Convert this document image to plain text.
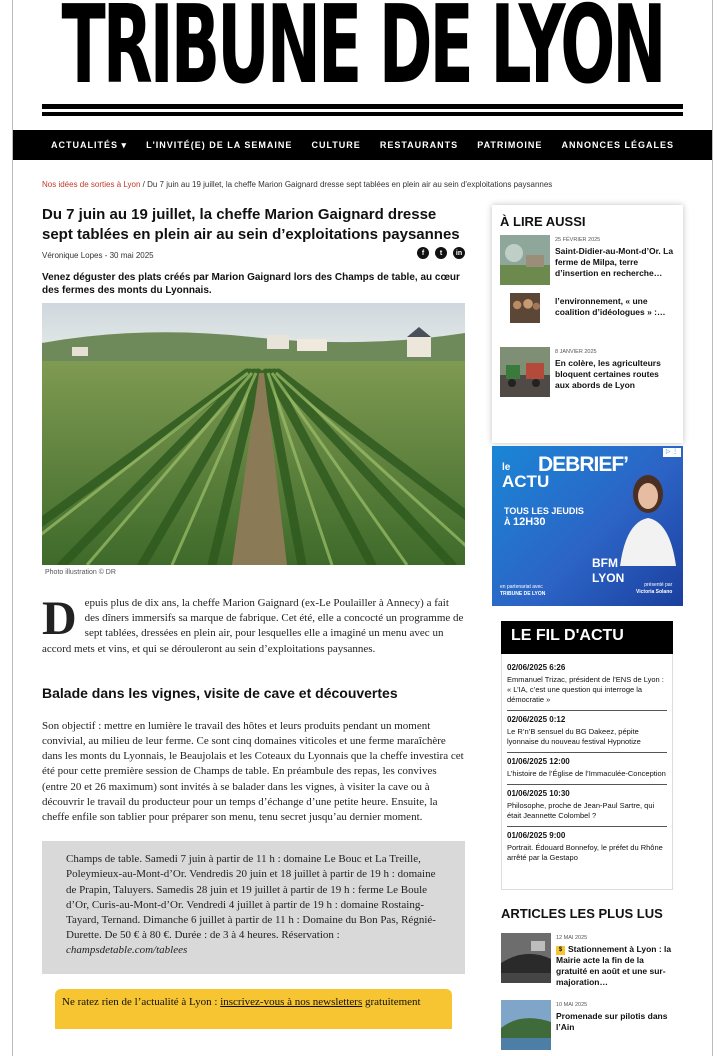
TRIBUNE DE LYON
ACTUALITÉS ▾ L'INVITÉ(E) DE LA SEMAINE CULTURE RESTAURANTS PATRIMOINE ANNONCES LÉGALES
Nos idées de sorties à Lyon / Du 7 juin au 19 juillet, la cheffe Marion Gaignard dresse sept tablées en plein air au sein d'exploitations paysannes
Du 7 juin au 19 juillet, la cheffe Marion Gaignard dresse sept tablées en plein air au sein d’exploitations paysannes
Véronique Lopes - 30 mai 2025	f	t	in

Venez déguster des plats créés par Marion Gaignard lors des Champs de table, au cœur des fermes des monts du Lyonnais.

Photo illustration © DR

Depuis plus de dix ans, la cheffe Marion Gaignard (ex-Le Poulailler à Annecy) a fait des dîners immersifs sa marque de fabrique. Cet été, elle a concocté un programme de sept tablées, dressées en plein air, pour lesquelles elle a imaginé un menu avec un accord mets et vins, et qui se dérouleront au sein d’exploitations paysannes.

Balade dans les vignes, visite de cave et découvertes

Son objectif : mettre en lumière le travail des hôtes et leurs produits pendant un moment convivial, au milieu de leur ferme. Ce sont cinq domaines viticoles et une ferme maraîchère dans les monts du Lyonnais, le Beaujolais et les Coteaux du Lyonnais que la cheffe investira cet été pour cette première session de Champs de table. En préambule des repas, les convives (entre 20 et 26 maximum) sont invités à se balader dans les vignes, à visiter la cave ou à découvrir le travail du producteur pour un temps d’échange d’une petite heure. Ensuite, la cheffe enfile son tablier pour préparer son menu, tenu secret jusqu’au dernier moment.

Champs de table. Samedi 7 juin à partir de 11 h : domaine Le Bouc et La Treille, Poleymieux-au-Mont-d’Or. Vendredis 20 juin et 18 juillet à partir de 19 h : domaine de Prapin, Taluyers. Samedis 28 juin et 19 juillet à partir de 19 h : ferme Le Boule d’Or, Curis-au-Mont-d’Or. Vendredi 4 juillet à partir de 19 h : domaine Rostaing-Tayard, Ternand. Dimanche 6 juillet à partir de 11 h : Domaine du Bon Pas, Régnié-Durette. De 50 € à 80 €. Durée : de 3 à 4 heures. Réservation : champsdetable.com/tablees
Ne ratez rien de l’actualité à Lyon : inscrivez-vous à nos newsletters gratuitement
À LIRE AUSSI
25 FÉVRIER 2025
Saint-Didier-au-Mont-d’Or. La ferme de Milpa, terre d’insertion en recherche…
l’environnement, « une coalition d’idéologues » :…
8 JANVIER 2025
En colère, les agriculteurs bloquent certaines routes aux abords de Lyon
▷ ⋮
le DEBRIEF’
ACTU
TOUS LES JEUDIS
À 12H30
BFM
LYON
en partenariat avec
TRIBUNE DE LYON
présenté par
Victoria Solano
LE FIL D'ACTU
02/06/2025 6:26
Emmanuel Trizac, président de l’ENS de Lyon : « L’IA, c’est une question qui interroge la démocratie »
02/06/2025 0:12
Le R’n’B sensuel du BG Dakeez, pépite lyonnaise du nouveau festival Hypnotize
01/06/2025 12:00
L’histoire de l’Église de l’Immaculée-Conception
01/06/2025 10:30
Philosophe, proche de Jean-Paul Sartre, qui était Jeannette Colombel ?
01/06/2025 9:00
Portrait. Édouard Bonnefoy, le préfet du Rhône arrêté par la Gestapo
ARTICLES LES PLUS LUS
12 MAI 2025
$ Stationnement à Lyon : la Mairie acte la fin de la gratuité en août et une sur-majoration…
10 MAI 2025
Promenade sur pilotis dans l’Ain
